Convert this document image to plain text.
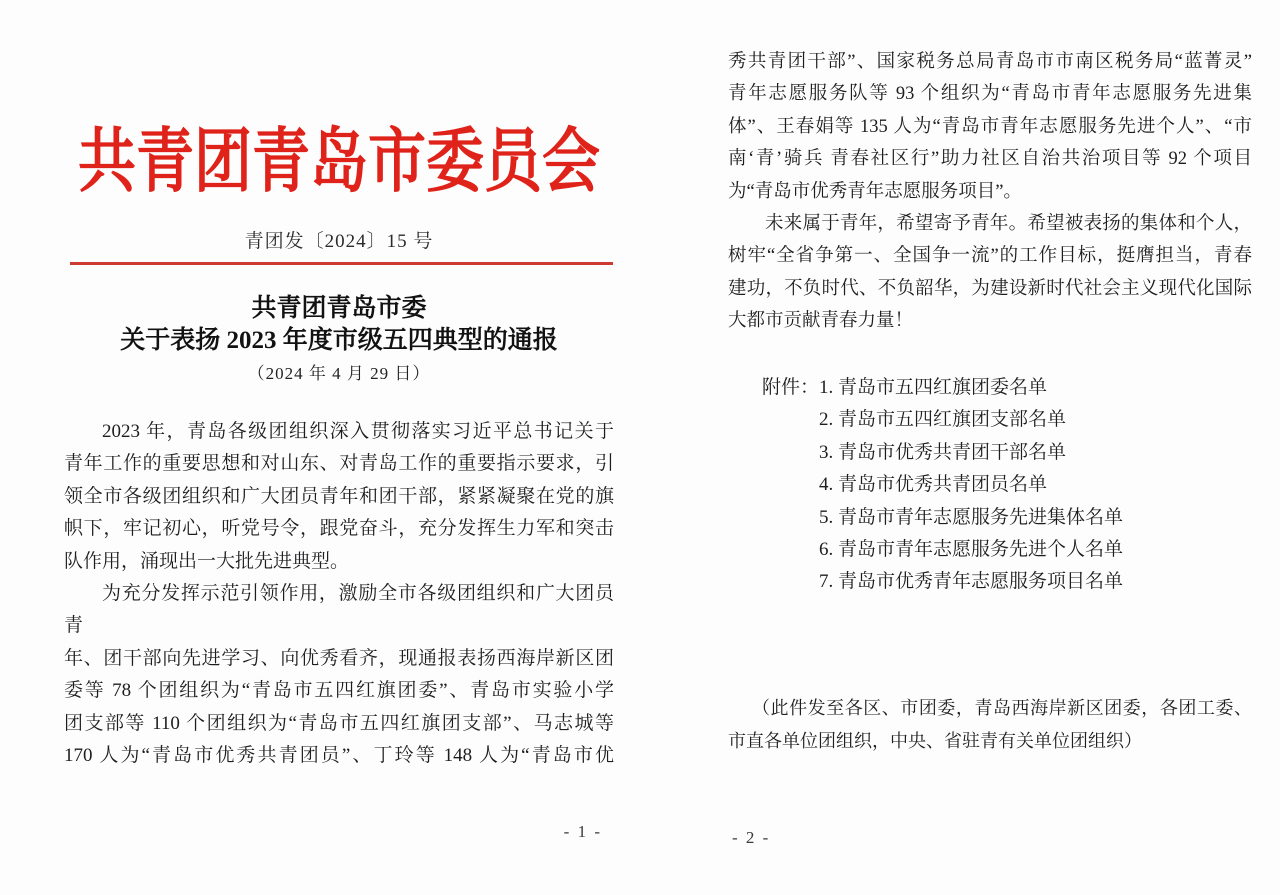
共青团青岛市委员会
青团发〔2024〕15 号
共青团青岛市委
关于表扬 2023 年度市级五四典型的通报
（2024 年 4 月 29 日）
2023 年，青岛各级团组织深入贯彻落实习近平总书记关于
青年工作的重要思想和对山东、对青岛工作的重要指示要求，引
领全市各级团组织和广大团员青年和团干部，紧紧凝聚在党的旗
帜下，牢记初心，听党号令，跟党奋斗，充分发挥生力军和突击
队作用，涌现出一大批先进典型。
为充分发挥示范引领作用，激励全市各级团组织和广大团员青
年、团干部向先进学习、向优秀看齐，现通报表扬西海岸新区团
委等 78 个团组织为“青岛市五四红旗团委”、青岛市实验小学
团支部等 110 个团组织为“青岛市五四红旗团支部”、马志城等
170 人为“青岛市优秀共青团员”、丁玲等 148 人为“青岛市优
- 1 -
秀共青团干部”、国家税务总局青岛市市南区税务局“蓝菁灵”
青年志愿服务队等 93 个组织为“青岛市青年志愿服务先进集
体”、王春娟等 135 人为“青岛市青年志愿服务先进个人”、“市
南‘青’骑兵 青春社区行”助力社区自治共治项目等 92 个项目
为“青岛市优秀青年志愿服务项目”。
未来属于青年，希望寄予青年。希望被表扬的集体和个人，
树牢“全省争第一、全国争一流”的工作目标，挺膺担当，青春
建功，不负时代、不负韶华，为建设新时代社会主义现代化国际
大都市贡献青春力量！
附件：1. 青岛市五四红旗团委名单
2. 青岛市五四红旗团支部名单
3. 青岛市优秀共青团干部名单
4. 青岛市优秀共青团员名单
5. 青岛市青年志愿服务先进集体名单
6. 青岛市青年志愿服务先进个人名单
7. 青岛市优秀青年志愿服务项目名单
（此件发至各区、市团委，青岛西海岸新区团委，各团工委、
市直各单位团组织，中央、省驻青有关单位团组织）
- 2 -
